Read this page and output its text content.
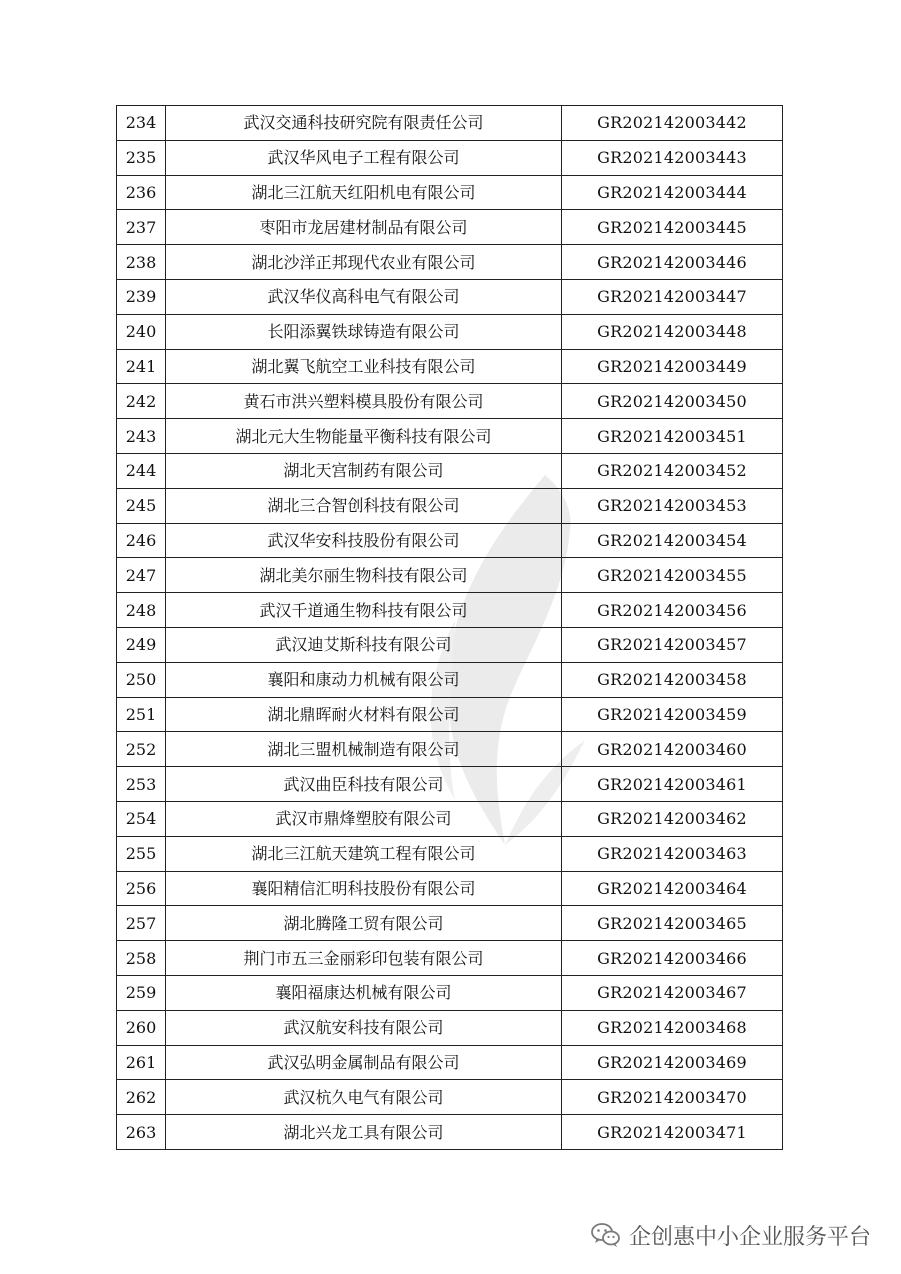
234	武汉交通科技研究院有限责任公司	GR202142003442
235	武汉华风电子工程有限公司	GR202142003443
236	湖北三江航天红阳机电有限公司	GR202142003444
237	枣阳市龙居建材制品有限公司	GR202142003445
238	湖北沙洋正邦现代农业有限公司	GR202142003446
239	武汉华仪高科电气有限公司	GR202142003447
240	长阳添翼铁球铸造有限公司	GR202142003448
241	湖北翼飞航空工业科技有限公司	GR202142003449
242	黄石市洪兴塑料模具股份有限公司	GR202142003450
243	湖北元大生物能量平衡科技有限公司	GR202142003451
244	湖北天宫制药有限公司	GR202142003452
245	湖北三合智创科技有限公司	GR202142003453
246	武汉华安科技股份有限公司	GR202142003454
247	湖北美尔丽生物科技有限公司	GR202142003455
248	武汉千道通生物科技有限公司	GR202142003456
249	武汉迪艾斯科技有限公司	GR202142003457
250	襄阳和康动力机械有限公司	GR202142003458
251	湖北鼎晖耐火材料有限公司	GR202142003459
252	湖北三盟机械制造有限公司	GR202142003460
253	武汉曲臣科技有限公司	GR202142003461
254	武汉市鼎烽塑胶有限公司	GR202142003462
255	湖北三江航天建筑工程有限公司	GR202142003463
256	襄阳精信汇明科技股份有限公司	GR202142003464
257	湖北腾隆工贸有限公司	GR202142003465
258	荆门市五三金丽彩印包装有限公司	GR202142003466
259	襄阳福康达机械有限公司	GR202142003467
260	武汉航安科技有限公司	GR202142003468
261	武汉弘明金属制品有限公司	GR202142003469
262	武汉杭久电气有限公司	GR202142003470
263	湖北兴龙工具有限公司	GR202142003471
企创惠中小企业服务平台
